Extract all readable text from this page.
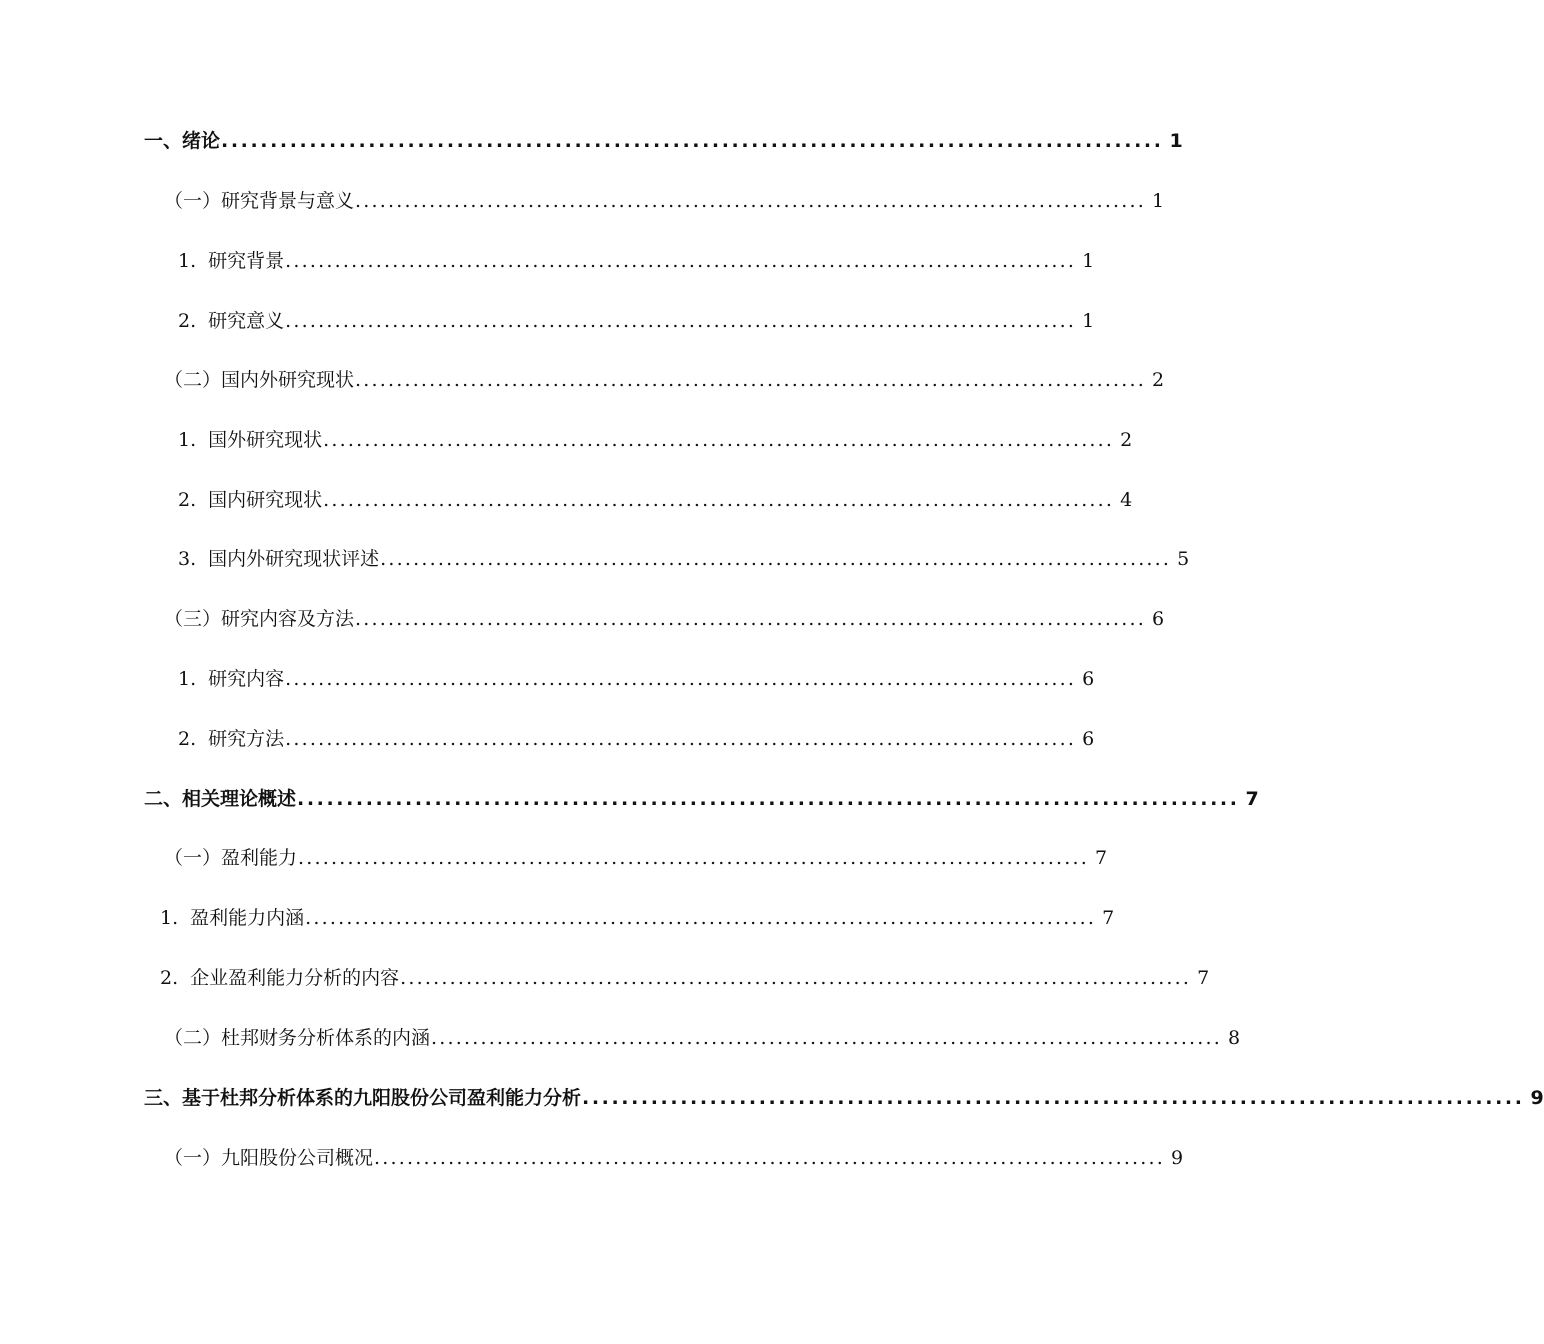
一、绪论 ................................................................................................ 1
（一）研究背景与意义 ................................................................................................ 1
1. 研究背景 ................................................................................................ 1
2. 研究意义 ................................................................................................ 1
（二）国内外研究现状 ................................................................................................ 2
1. 国外研究现状 ................................................................................................ 2
2. 国内研究现状 ................................................................................................ 4
3. 国内外研究现状评述 ................................................................................................ 5
（三）研究内容及方法 ................................................................................................ 6
1. 研究内容 ................................................................................................ 6
2. 研究方法 ................................................................................................ 6
二、相关理论概述 ................................................................................................ 7
（一）盈利能力 ................................................................................................ 7
1. 盈利能力内涵 ................................................................................................ 7
2. 企业盈利能力分析的内容 ................................................................................................ 7
（二）杜邦财务分析体系的内涵 ................................................................................................ 8
三、基于杜邦分析体系的九阳股份公司盈利能力分析 ................................................................................................ 9
（一）九阳股份公司概况 ................................................................................................ 9
